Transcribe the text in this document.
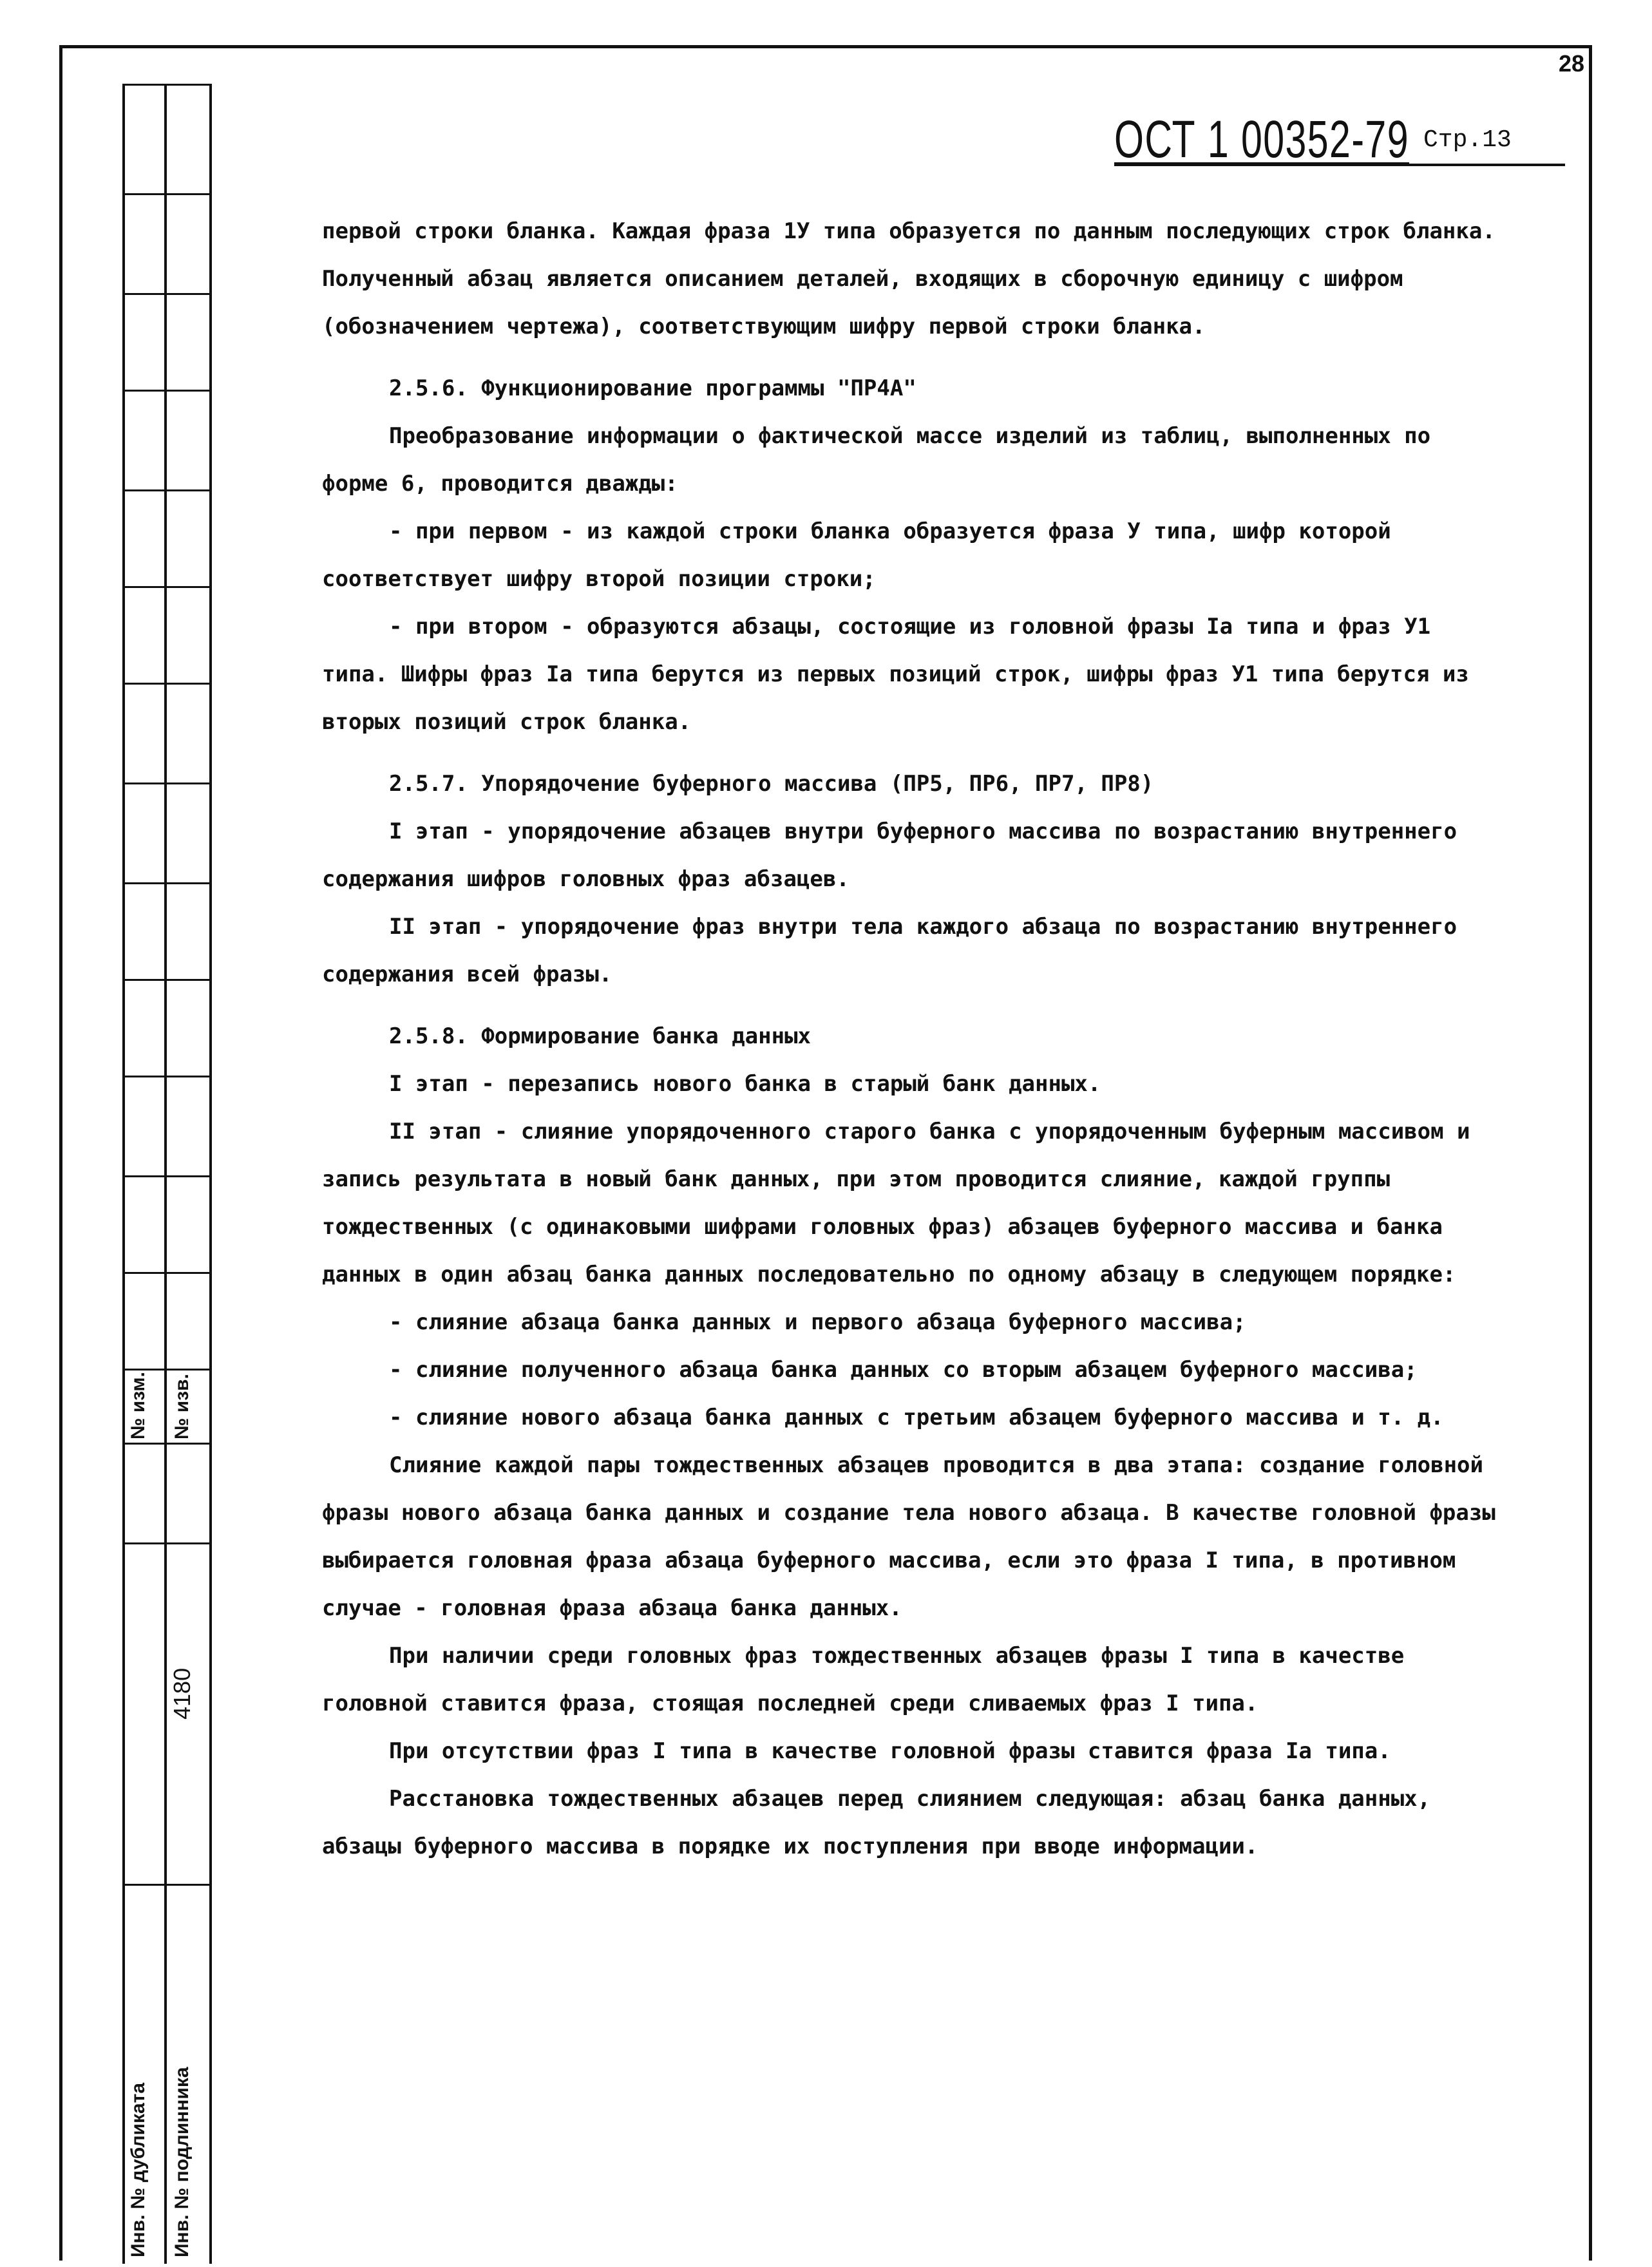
28
№ изм. № изв.
4180
Инв. № дубликата Инв. № подлинника
ОСТ 1 00352-79 Стр.13

первой строки бланка. Каждая фраза 1У типа образуется по данным последующих строк бланка. Полученный абзац является описанием деталей, входящих в сборочную единицу с шифром (обозначением чертежа), соответствующим шифру первой строки бланка.

2.5.6. Функционирование программы "ПР4А"

Преобразование информации о фактической массе изделий из таблиц, выполненных по форме 6, проводится дважды:

- при первом - из каждой строки бланка образуется фраза У типа, шифр которой соответствует шифру второй позиции строки;

- при втором - образуются абзацы, состоящие из головной фразы Iа типа и фраз У1 типа. Шифры фраз Iа типа берутся из первых позиций строк, шифры фраз У1 типа берутся из вторых позиций строк бланка.

2.5.7. Упорядочение буферного массива (ПР5, ПР6, ПР7, ПР8)

I этап - упорядочение абзацев внутри буферного массива по возрастанию внутреннего содержания шифров головных фраз абзацев.

II этап - упорядочение фраз внутри тела каждого абзаца по возрастанию внутреннего содержания всей фразы.

2.5.8. Формирование банка данных

I этап - перезапись нового банка в старый банк данных.

II этап - слияние упорядоченного старого банка с упорядоченным буферным массивом и запись результата в новый банк данных, при этом проводится слияние, каждой группы тождественных (с одинаковыми шифрами головных фраз) абзацев буферного массива и банка данных в один абзац банка данных последовательно по одному абзацу в следующем порядке:

- слияние абзаца банка данных и первого абзаца буферного массива;

- слияние полученного абзаца банка данных со вторым абзацем буферного массива;

- слияние нового абзаца банка данных с третьим абзацем буферного массива и т. д.

Слияние каждой пары тождественных абзацев проводится в два этапа: создание головной фразы нового абзаца банка данных и создание тела нового абзаца. В качестве головной фразы выбирается головная фраза абзаца буферного массива, если это фраза I типа, в противном случае - головная фраза абзаца банка данных.

При наличии среди головных фраз тождественных абзацев фразы I типа в качестве головной ставится фраза, стоящая последней среди сливаемых фраз I типа.

При отсутствии фраз I типа в качестве головной фразы ставится фраза Iа типа.

Расстановка тождественных абзацев перед слиянием следующая: абзац банка данных, абзацы буферного массива в порядке их поступления при вводе информации.
